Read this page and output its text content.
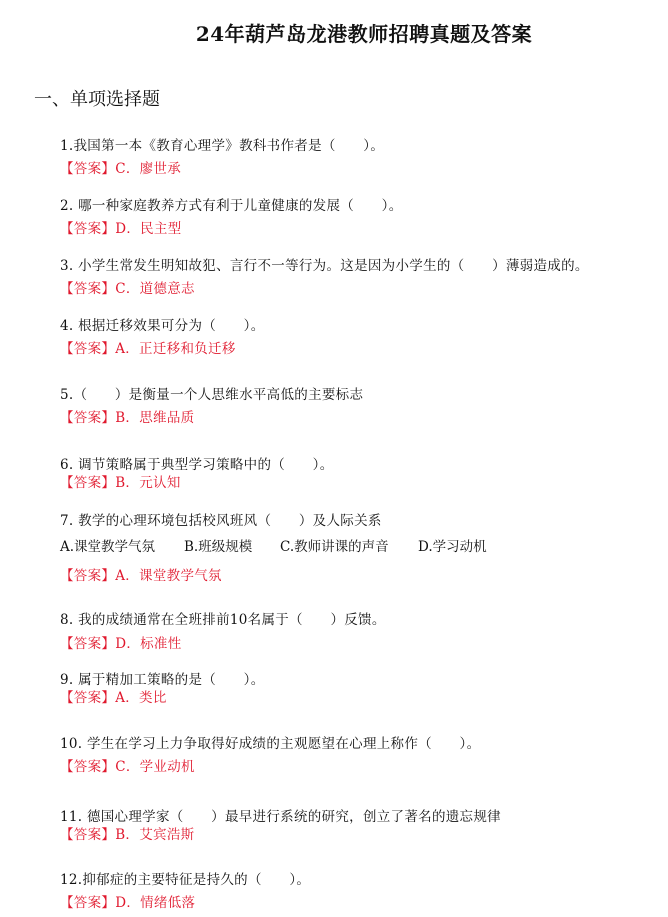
24年葫芦岛龙港教师招聘真题及答案
一、单项选择题
1.我国第一本《教育心理学》教科书作者是（　　）。
【答案】C．廖世承
2. 哪一种家庭教养方式有利于儿童健康的发展（　　）。
【答案】D．民主型
3. 小学生常发生明知故犯、言行不一等行为。这是因为小学生的（　　）薄弱造成的。
【答案】C．道德意志
4. 根据迁移效果可分为（　　）。
【答案】A．正迁移和负迁移
5.（　　）是衡量一个人思维水平高低的主要标志
【答案】B．思维品质
6. 调节策略属于典型学习策略中的（　　）。
【答案】B．元认知
7. 教学的心理环境包括校风班风（　　）及人际关系
A.课堂教学气氛	B.班级规模	C.教师讲课的声音	D.学习动机
【答案】A．课堂教学气氛
8. 我的成绩通常在全班排前10名属于（　　）反馈。
【答案】D．标准性
9. 属于精加工策略的是（　　）。
【答案】A．类比
10. 学生在学习上力争取得好成绩的主观愿望在心理上称作（　　）。
【答案】C．学业动机
11. 德国心理学家（　　）最早进行系统的研究，创立了著名的遗忘规律
【答案】B．艾宾浩斯
12.抑郁症的主要特征是持久的（　　）。
【答案】D．情绪低落
